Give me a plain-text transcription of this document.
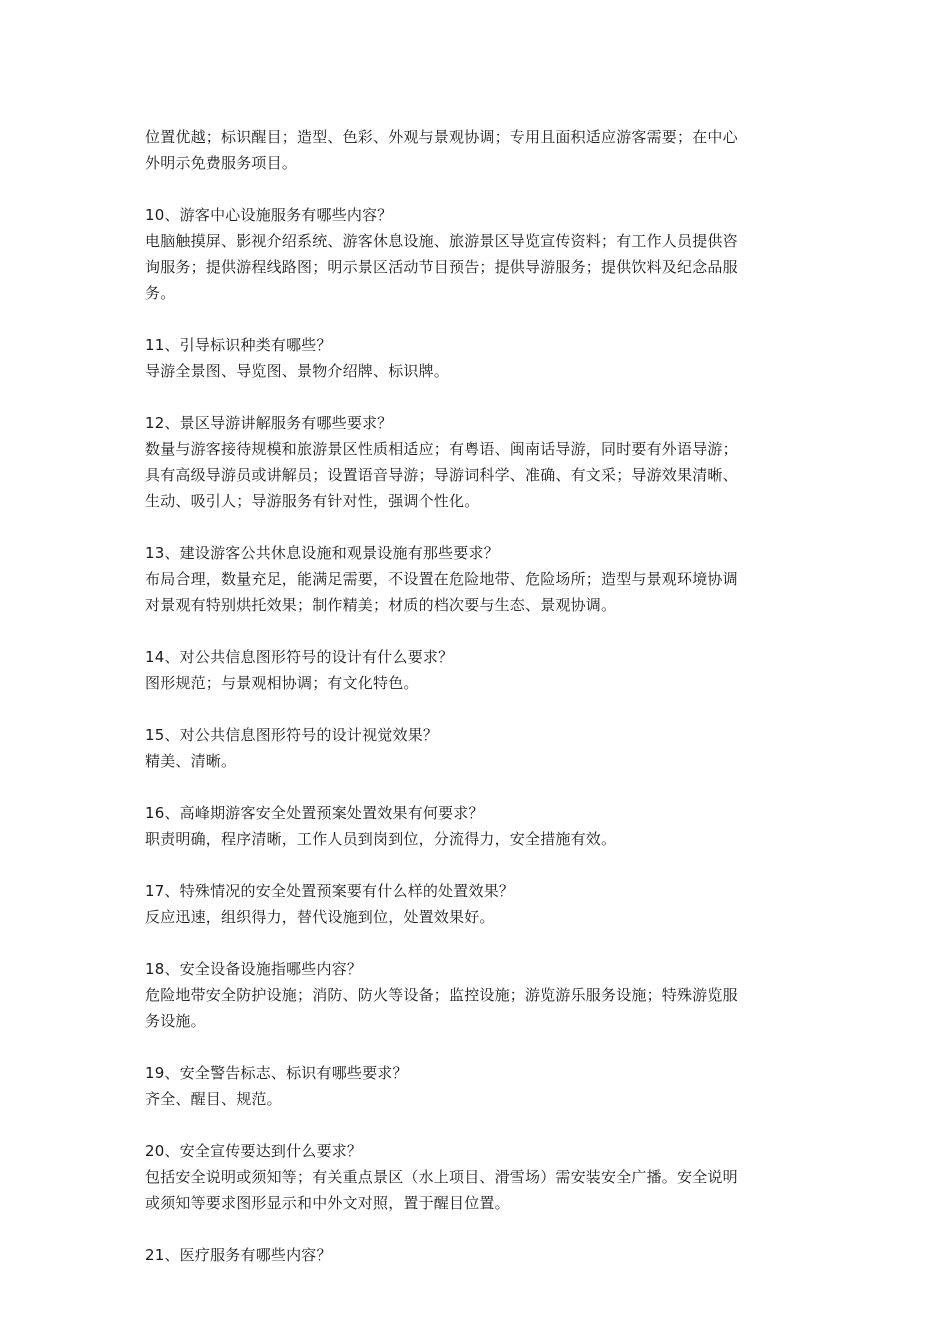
位置优越；标识醒目；造型、色彩、外观与景观协调；专用且面积适应游客需要；在中心
外明示免费服务项目。
10、游客中心设施服务有哪些内容？
电脑触摸屏、影视介绍系统、游客休息设施、旅游景区导览宣传资料；有工作人员提供咨
询服务；提供游程线路图；明示景区活动节目预告；提供导游服务；提供饮料及纪念品服
务。
11、引导标识种类有哪些？
导游全景图、导览图、景物介绍牌、标识牌。
12、景区导游讲解服务有哪些要求？
数量与游客接待规模和旅游景区性质相适应；有粤语、闽南话导游，同时要有外语导游；
具有高级导游员或讲解员；设置语音导游；导游词科学、准确、有文采；导游效果清晰、
生动、吸引人；导游服务有针对性，强调个性化。
13、建设游客公共休息设施和观景设施有那些要求？
布局合理，数量充足，能满足需要，不设置在危险地带、危险场所；造型与景观环境协调
对景观有特别烘托效果；制作精美；材质的档次要与生态、景观协调。
14、对公共信息图形符号的设计有什么要求？
图形规范；与景观相协调；有文化特色。
15、对公共信息图形符号的设计视觉效果？
精美、清晰。
16、高峰期游客安全处置预案处置效果有何要求？
职责明确，程序清晰，工作人员到岗到位，分流得力，安全措施有效。
17、特殊情况的安全处置预案要有什么样的处置效果？
反应迅速，组织得力，替代设施到位，处置效果好。
18、安全设备设施指哪些内容？
危险地带安全防护设施；消防、防火等设备；监控设施；游览游乐服务设施；特殊游览服
务设施。
19、安全警告标志、标识有哪些要求？
齐全、醒目、规范。
20、安全宣传要达到什么要求？
包括安全说明或须知等；有关重点景区（水上项目、滑雪场）需安装安全广播。安全说明
或须知等要求图形显示和中外文对照，置于醒目位置。
21、医疗服务有哪些内容？
